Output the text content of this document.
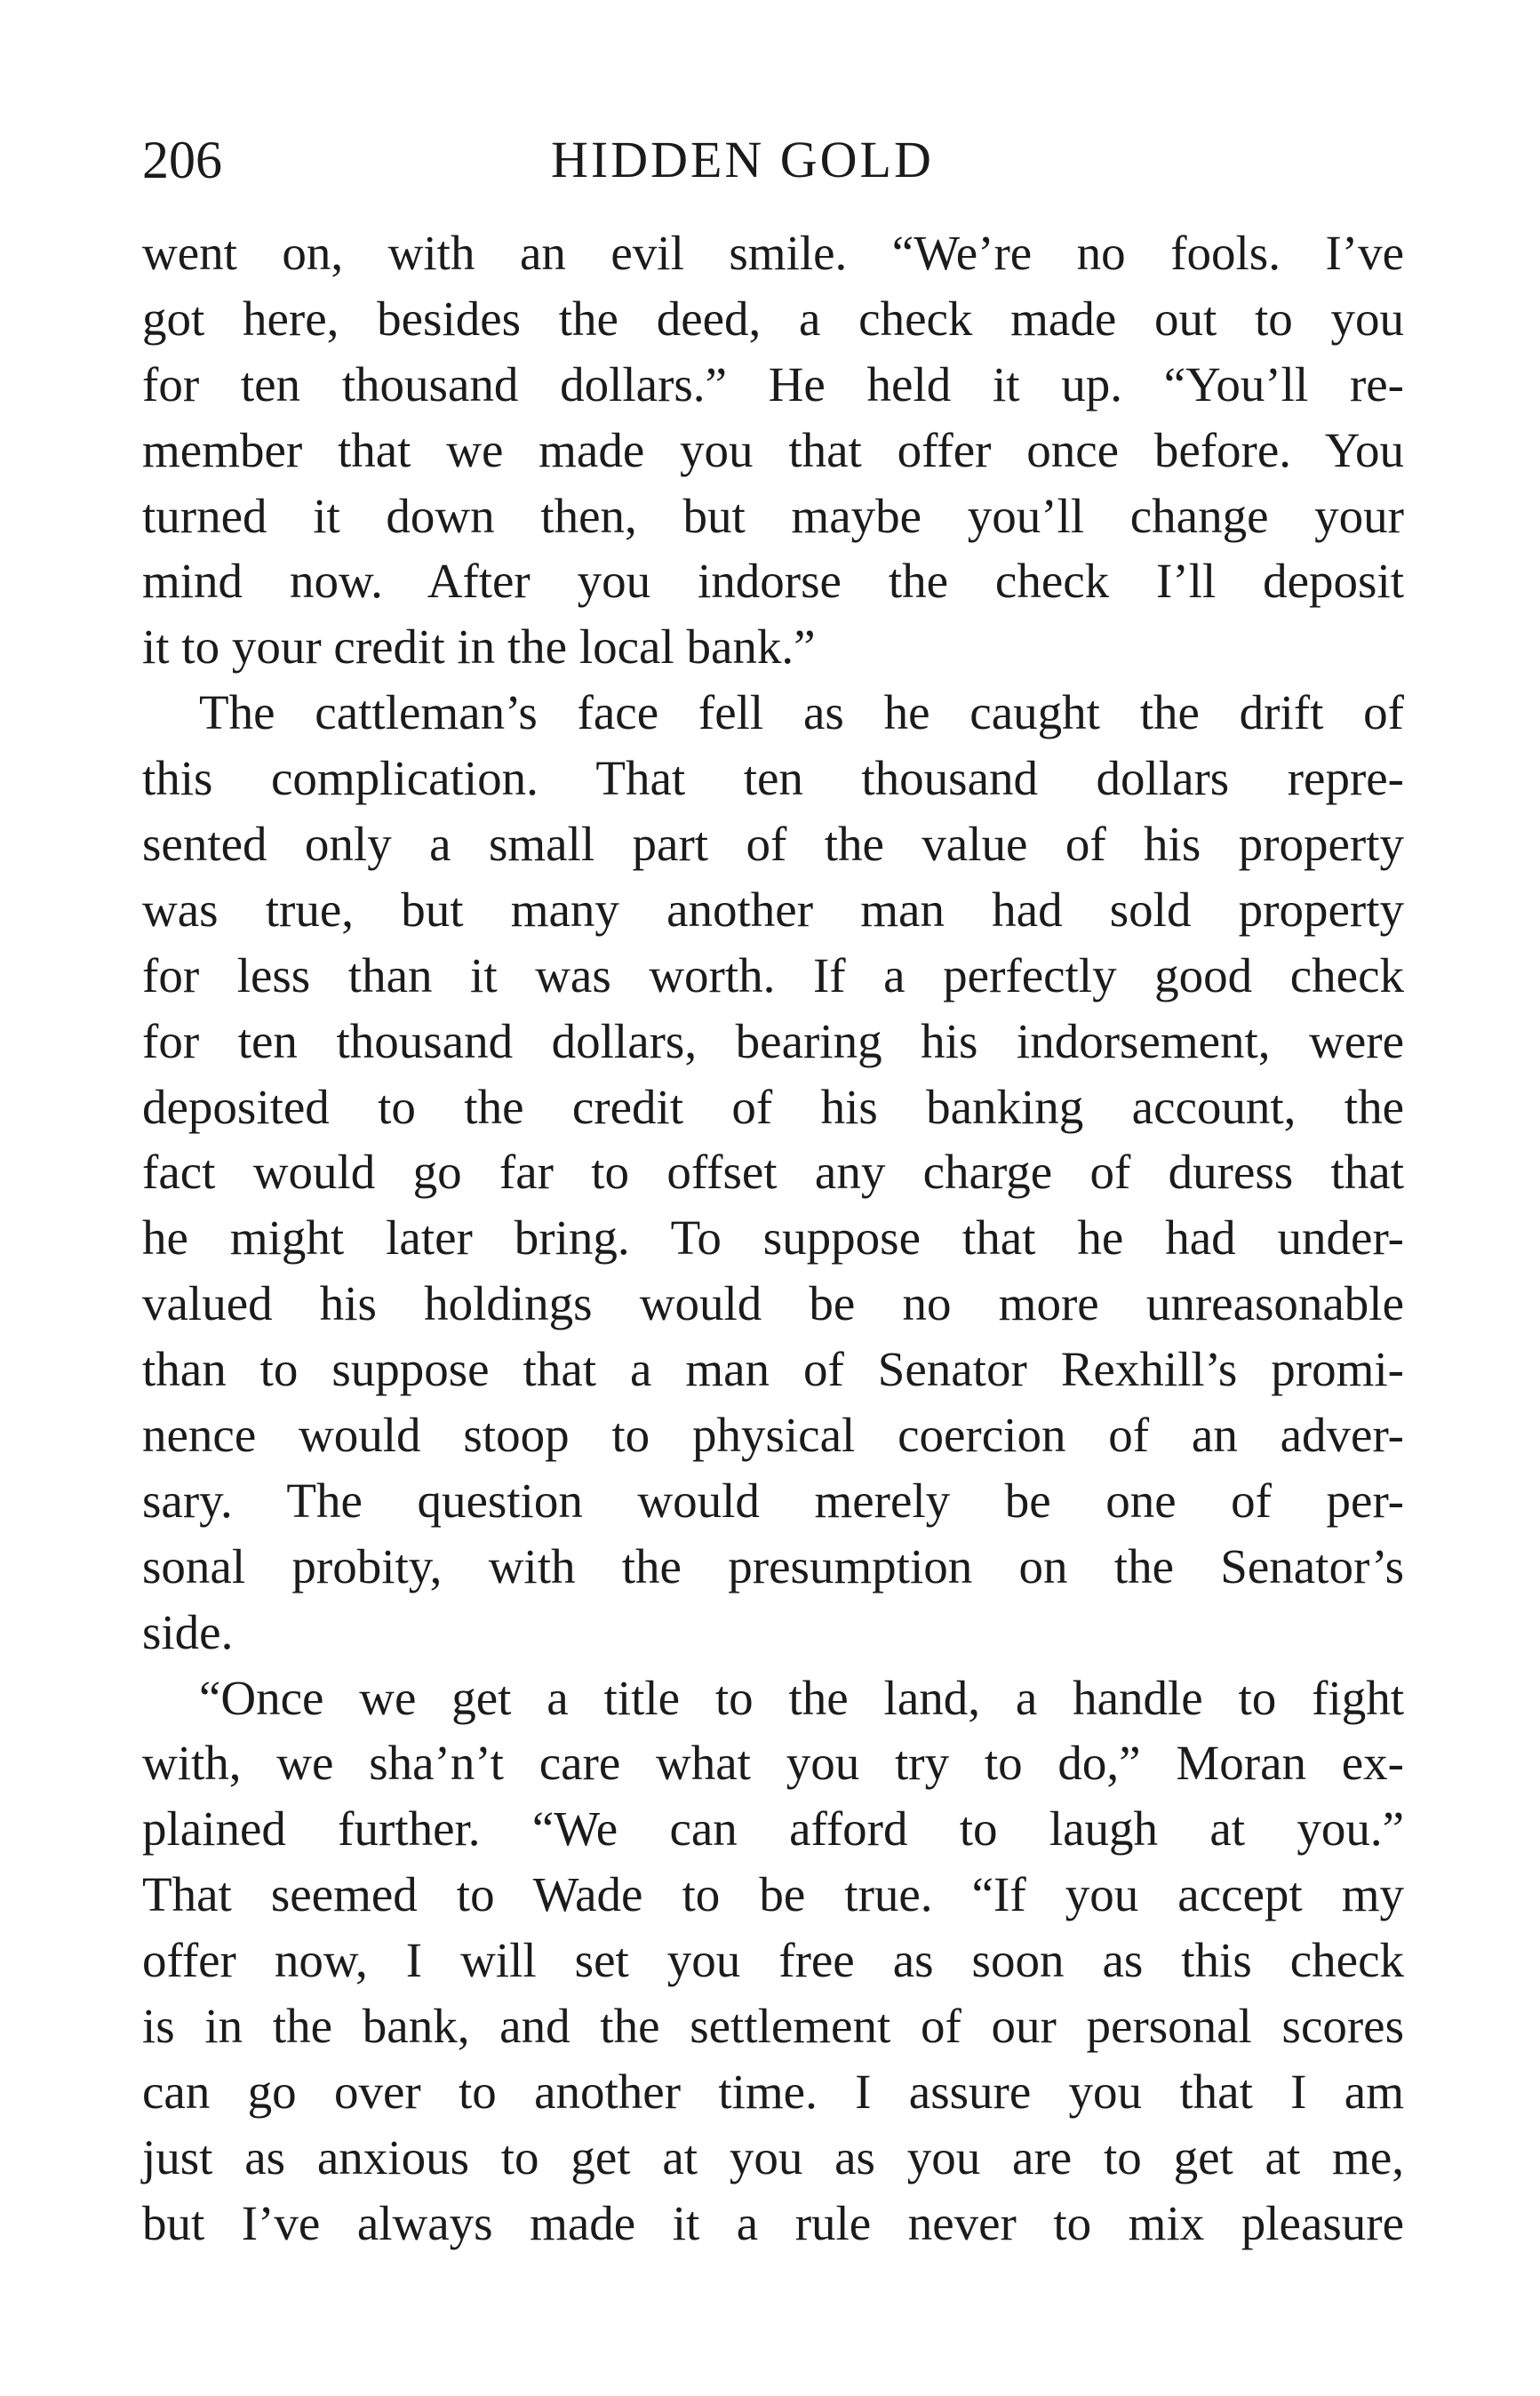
206	HIDDEN GOLD
went on, with an evil smile. “We’re no fools. I’ve
got here, besides the deed, a check made out to you
for ten thousand dollars.” He held it up. “You’ll re-
member that we made you that offer once before. You
turned it down then, but maybe you’ll change your
mind now. After you indorse the check I’ll deposit
it to your credit in the local bank.”
The cattleman’s face fell as he caught the drift of
this complication. That ten thousand dollars repre-
sented only a small part of the value of his property
was true, but many another man had sold property
for less than it was worth. If a perfectly good check
for ten thousand dollars, bearing his indorsement, were
deposited to the credit of his banking account, the
fact would go far to offset any charge of duress that
he might later bring. To suppose that he had under-
valued his holdings would be no more unreasonable
than to suppose that a man of Senator Rexhill’s promi-
nence would stoop to physical coercion of an adver-
sary. The question would merely be one of per-
sonal probity, with the presumption on the Senator’s
side.
“Once we get a title to the land, a handle to fight
with, we sha’n’t care what you try to do,” Moran ex-
plained further. “We can afford to laugh at you.”
That seemed to Wade to be true. “If you accept my
offer now, I will set you free as soon as this check
is in the bank, and the settlement of our personal scores
can go over to another time. I assure you that I am
just as anxious to get at you as you are to get at me,
but I’ve always made it a rule never to mix pleasure
